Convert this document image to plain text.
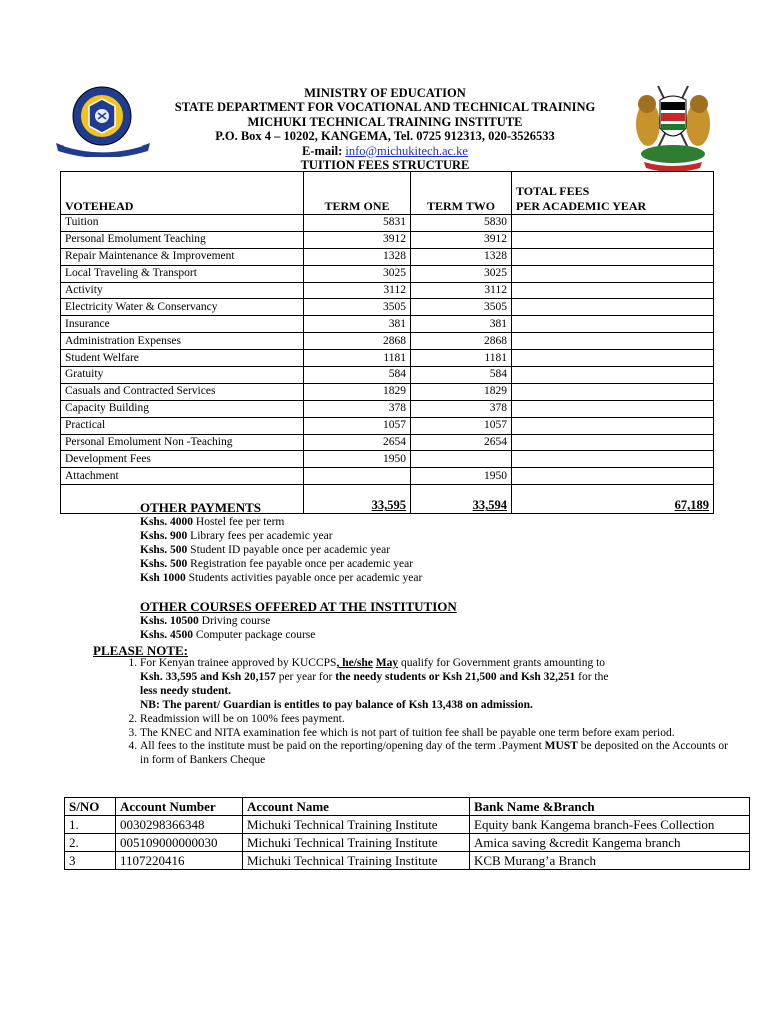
MINISTRY OF EDUCATION
STATE DEPARTMENT FOR VOCATIONAL AND TECHNICAL TRAINING
MICHUKI TECHNICAL TRAINING INSTITUTE
P.O. Box 4 – 10202, KANGEMA, Tel. 0725 912313, 020-3526533
E-mail: info@michukitech.ac.ke
TUITION FEES STRUCTURE
VOTEHEAD	TERM ONE	TERM TWO	TOTAL FEES
PER ACADEMIC YEAR

Tuition	5831	5830	
Personal Emolument Teaching	3912	3912	
Repair Maintenance & Improvement	1328	1328	
Local Traveling & Transport	3025	3025	
Activity	3112	3112	
Electricity Water & Conservancy	3505	3505	
Insurance	381	381	
Administration Expenses	2868	2868	
Student Welfare	1181	1181	
Gratuity	584	584	
Casuals and Contracted Services	1829	1829	
Capacity Building	378	378	
Practical	1057	1057	
Personal Emolument Non -Teaching	2654	2654	
Development Fees	1950		
Attachment		1950	
	33,595	33,594	67,189
OTHER PAYMENTS
Kshs. 4000 Hostel fee per term
Kshs. 900 Library fees per academic year
Kshs. 500 Student ID payable once per academic year
Kshs. 500 Registration fee payable once per academic year
Ksh 1000 Students activities payable once per academic year
OTHER COURSES OFFERED AT THE INSTITUTION
Kshs. 10500 Driving course
Kshs. 4500 Computer package course
PLEASE NOTE:
1. For Kenyan trainee approved by KUCCPS, he/she May qualify for Government grants amounting to
Ksh. 33,595 and Ksh 20,157 per year for the needy students or Ksh 21,500 and Ksh 32,251 for the
less needy student.
NB: The parent/ Guardian is entitles to pay balance of Ksh 13,438 on admission.
2. Readmission will be on 100% fees payment.
3. The KNEC and NITA examination fee which is not part of tuition fee shall be payable one term before exam period.
4. All fees to the institute must be paid on the reporting/opening day of the term .Payment MUST be deposited on the Accounts or in form of Bankers Cheque
S/NO	Account Number	Account Name	Bank Name &Branch
1.	0030298366348	Michuki Technical Training Institute	Equity bank Kangema branch-Fees Collection
2.	005109000000030	Michuki Technical Training Institute	Amica saving &credit Kangema branch
3	1107220416	Michuki Technical Training Institute	KCB Murang’a Branch
